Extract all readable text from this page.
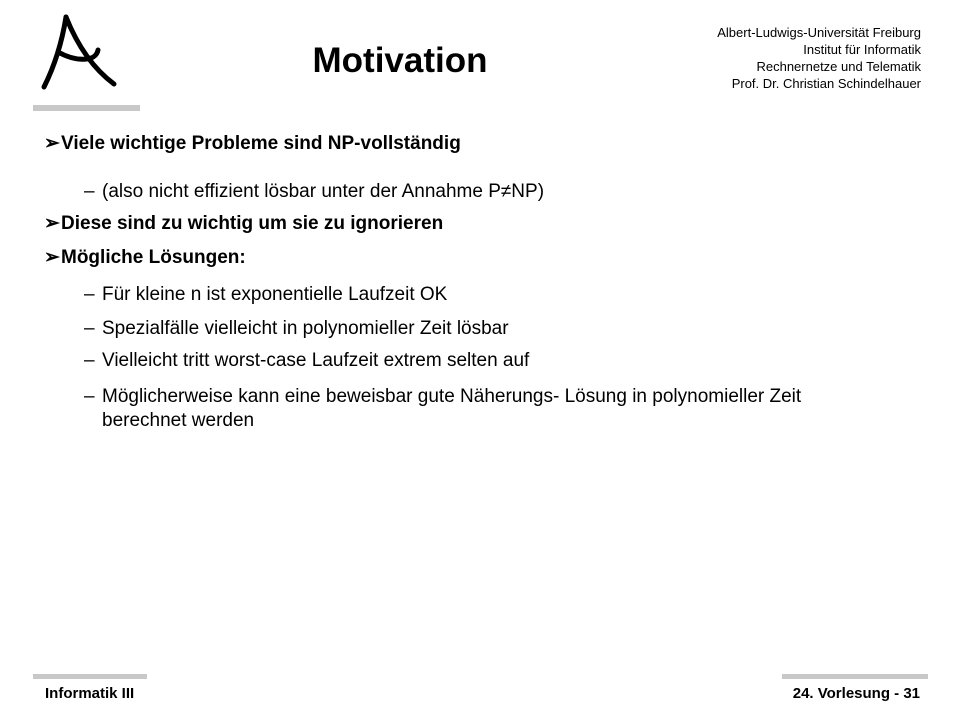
Motivation
Albert-Ludwigs-Universität Freiburg
Institut für Informatik
Rechnernetze und Telematik
Prof. Dr. Christian Schindelhauer
➢Viele wichtige Probleme sind NP-vollständig
– (also nicht effizient lösbar unter der Annahme P≠NP)
➢Diese sind zu wichtig um sie zu ignorieren
➢Mögliche Lösungen:
– Für kleine n ist exponentielle Laufzeit OK
– Spezialfälle vielleicht in polynomieller Zeit lösbar
– Vielleicht tritt worst-case Laufzeit extrem selten auf
– Möglicherweise kann eine beweisbar gute Näherungs- Lösung in polynomieller Zeit berechnet werden
Informatik III	24. Vorlesung - 31
